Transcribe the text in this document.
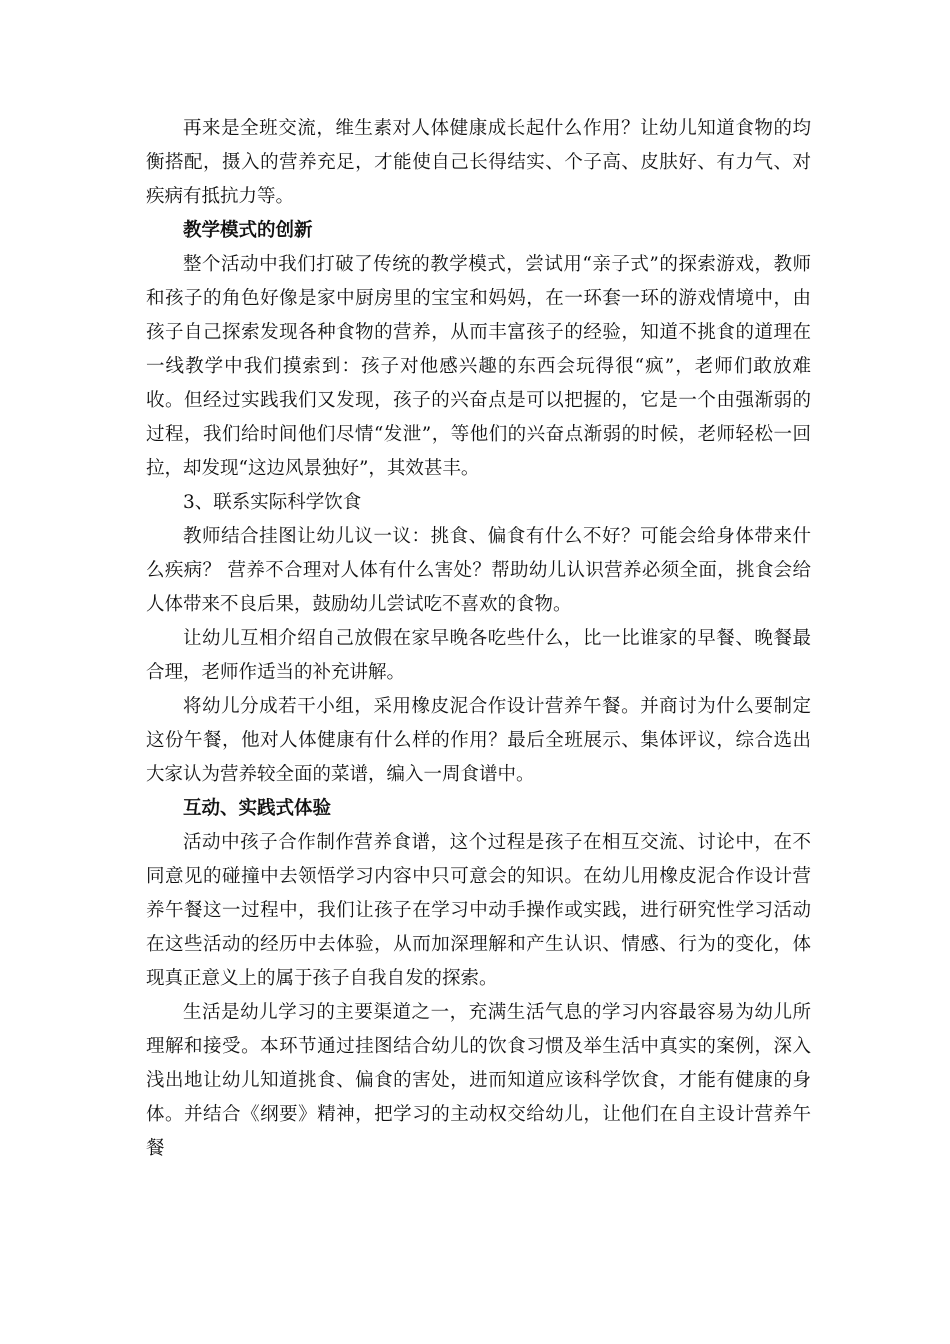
再来是全班交流，维生素对人体健康成长起什么作用？让幼儿知道食物的均衡搭配，摄入的营养充足，才能使自己长得结实、个子高、皮肤好、有力气、对疾病有抵抗力等。

教学模式的创新

整个活动中我们打破了传统的教学模式，尝试用“亲子式”的探索游戏，教师和孩子的角色好像是家中厨房里的宝宝和妈妈，在一环套一环的游戏情境中，由孩子自己探索发现各种食物的营养，从而丰富孩子的经验，知道不挑食的道理在一线教学中我们摸索到：孩子对他感兴趣的东西会玩得很“疯”，老师们敢放难收。但经过实践我们又发现，孩子的兴奋点是可以把握的，它是一个由强渐弱的过程，我们给时间他们尽情“发泄”，等他们的兴奋点渐弱的时候，老师轻松一回拉，却发现“这边风景独好”，其效甚丰。

3、联系实际科学饮食

教师结合挂图让幼儿议一议：挑食、偏食有什么不好？可能会给身体带来什么疾病？ 营养不合理对人体有什么害处？帮助幼儿认识营养必须全面，挑食会给人体带来不良后果，鼓励幼儿尝试吃不喜欢的食物。

让幼儿互相介绍自己放假在家早晚各吃些什么，比一比谁家的早餐、晚餐最合理，老师作适当的补充讲解。

将幼儿分成若干小组，采用橡皮泥合作设计营养午餐。并商讨为什么要制定这份午餐，他对人体健康有什么样的作用？最后全班展示、集体评议，综合选出大家认为营养较全面的菜谱，编入一周食谱中。

互动、实践式体验

活动中孩子合作制作营养食谱，这个过程是孩子在相互交流、讨论中，在不同意见的碰撞中去领悟学习内容中只可意会的知识。在幼儿用橡皮泥合作设计营养午餐这一过程中，我们让孩子在学习中动手操作或实践，进行研究性学习活动在这些活动的经历中去体验，从而加深理解和产生认识、情感、行为的变化，体现真正意义上的属于孩子自我自发的探索。

生活是幼儿学习的主要渠道之一，充满生活气息的学习内容最容易为幼儿所理解和接受。本环节通过挂图结合幼儿的饮食习惯及举生活中真实的案例，深入浅出地让幼儿知道挑食、偏食的害处，进而知道应该科学饮食，才能有健康的身体。并结合《纲要》精神，把学习的主动权交给幼儿，让他们在自主设计营养午餐
